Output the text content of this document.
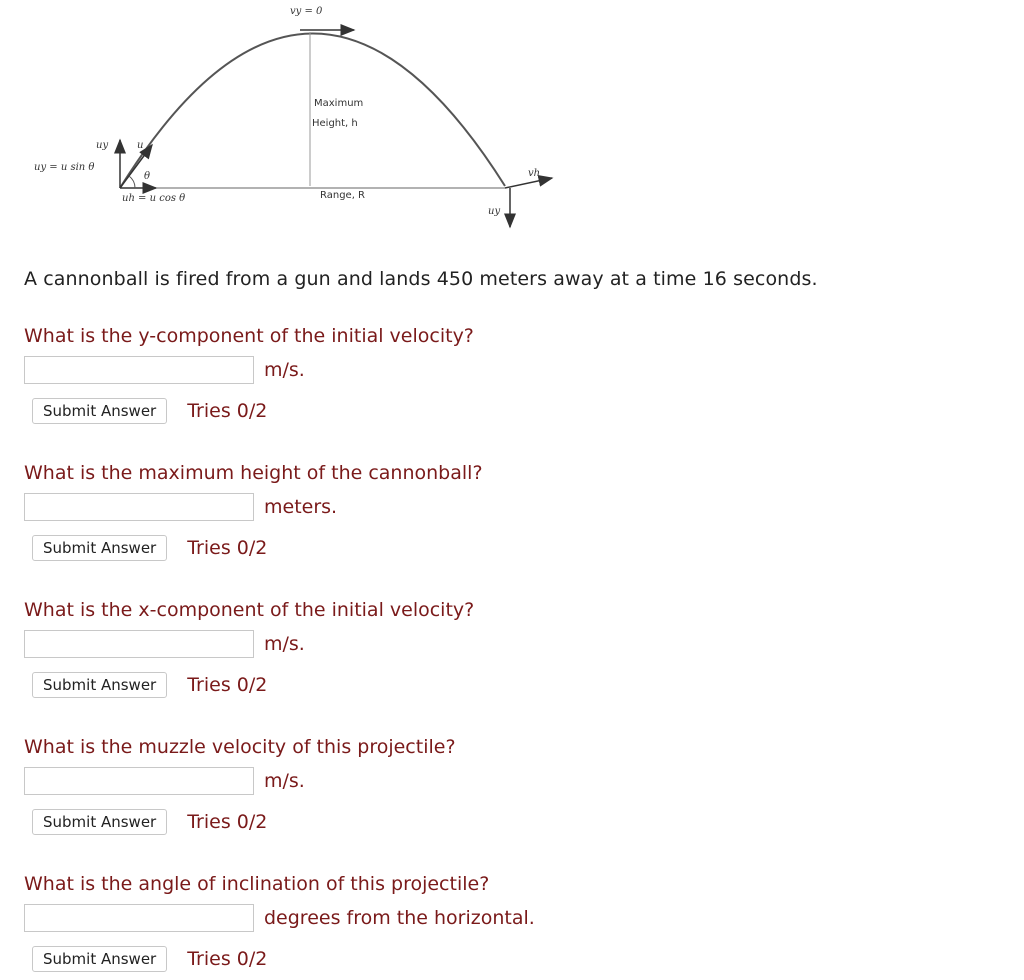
vy = 0
Maximum
Height, h
Range, R
uy	u
θ
uy = u sin θ
uh = u cos θ
vh
uy
A cannonball is fired from a gun and lands 450 meters away at a time 16 seconds.
What is the y-component of the initial velocity?
m/s.
Submit Answer	Tries 0/2
What is the maximum height of the cannonball?
meters.
Submit Answer	Tries 0/2
What is the x-component of the initial velocity?
m/s.
Submit Answer	Tries 0/2
What is the muzzle velocity of this projectile?
m/s.
Submit Answer	Tries 0/2
What is the angle of inclination of this projectile?
degrees from the horizontal.
Submit Answer	Tries 0/2
